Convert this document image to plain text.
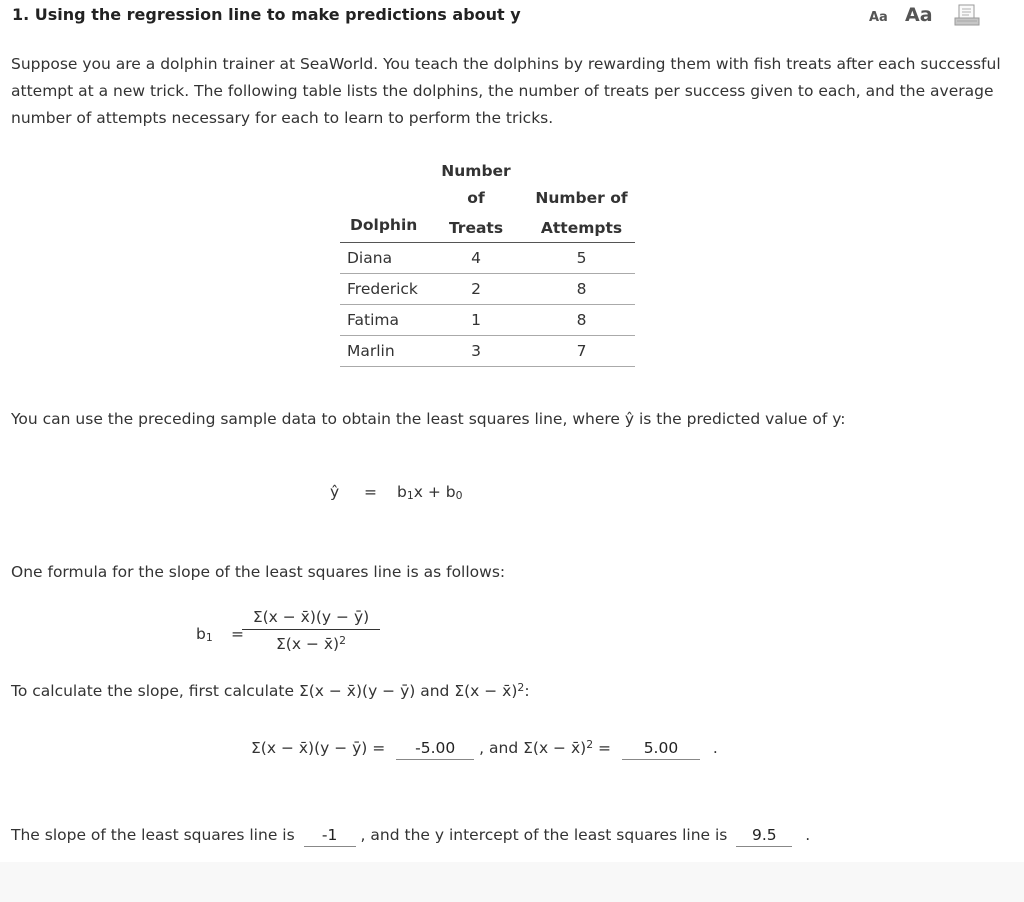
1. Using the regression line to make predictions about y	Aa Aa
Suppose you are a dolphin trainer at SeaWorld. You teach the dolphins by rewarding them with fish treats after each successful attempt at a new trick. The following table lists the dolphins, the number of treats per success given to each, and the average number of attempts necessary for each to learn to perform the tricks.
	Number of	Number of
Dolphin	Treats	Attempts
Diana	4	5
Frederick	2	8
Fatima	1	8
Marlin	3	7
You can use the preceding sample data to obtain the least squares line, where ŷ is the predicted value of y:
ŷ = b1x + b0
One formula for the slope of the least squares line is as follows:
b1 =
$\frac{\Sigma(x - x̄)(y - ȳ)}{\Sigma(x - x̄)^2}$
To calculate the slope, first calculate Σ(x − x̄)(y − ȳ) and Σ(x − x̄)$^2$:
Σ(x − x̄)(y − ȳ) = -5.00 , and Σ(x − x̄)$^2$ = 5.00 .
The slope of the least squares line is -1 , and the y intercept of the least squares line is 9.5 .
